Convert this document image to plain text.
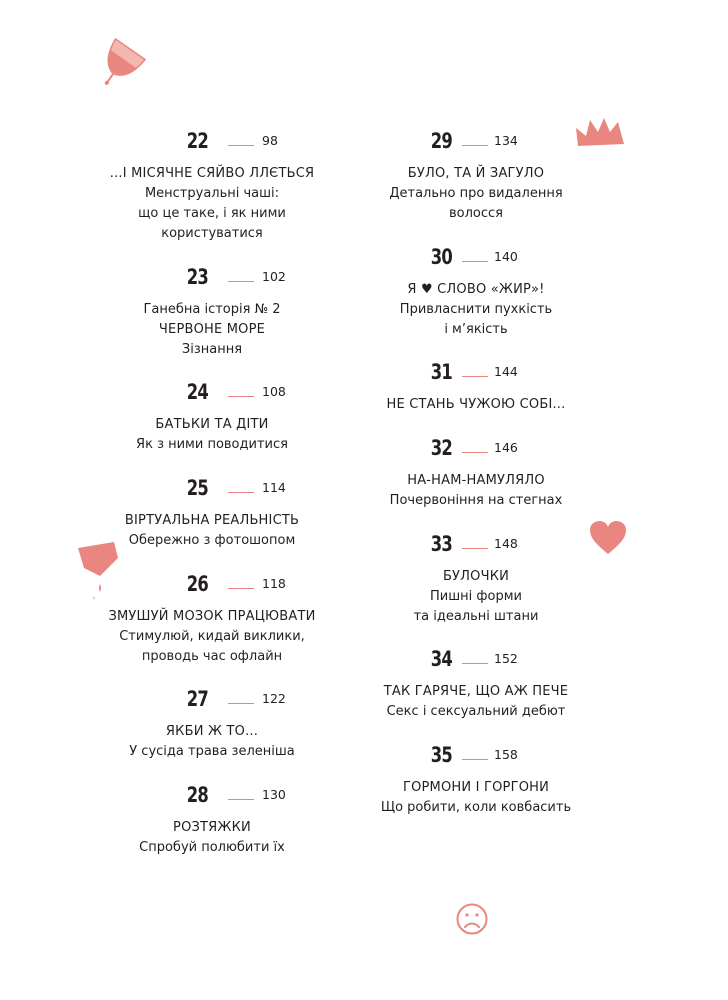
22	98
...І МІСЯЧНЕ СЯЙВО ЛЛЄТЬСЯ
Менструальні чаші:
що це таке, і як ними
користуватися
23	102
Ганебна історія № 2
ЧЕРВОНЕ МОРЕ
Зізнання
24	108
БАТЬКИ ТА ДІТИ
Як з ними поводитися
25	114
ВІРТУАЛЬНА РЕАЛЬНІСТЬ
Обережно з фотошопом
26	118
ЗМУШУЙ МОЗОК ПРАЦЮВАТИ
Стимулюй, кидай виклики,
проводь час офлайн
27	122
ЯКБИ Ж ТО...
У сусіда трава зеленіша
28	130
РОЗТЯЖКИ
Спробуй полюбити їх
29	134
БУЛО, ТА Й ЗАГУЛО
Детально про видалення
волосся
30	140
Я ♥ СЛОВО «ЖИР»!
Привласнити пухкість
і м’якість
31	144
НЕ СТАНЬ ЧУЖОЮ СОБІ...
32	146
НА-НАМ-НАМУЛЯЛО
Почервоніння на стегнах
33	148
БУЛОЧКИ
Пишні форми
та ідеальні штани
34	152
ТАК ГАРЯЧЕ, ЩО АЖ ПЕЧЕ
Секс і сексуальний дебют
35	158
ГОРМОНИ І ГОРГОНИ
Що робити, коли ковбасить
